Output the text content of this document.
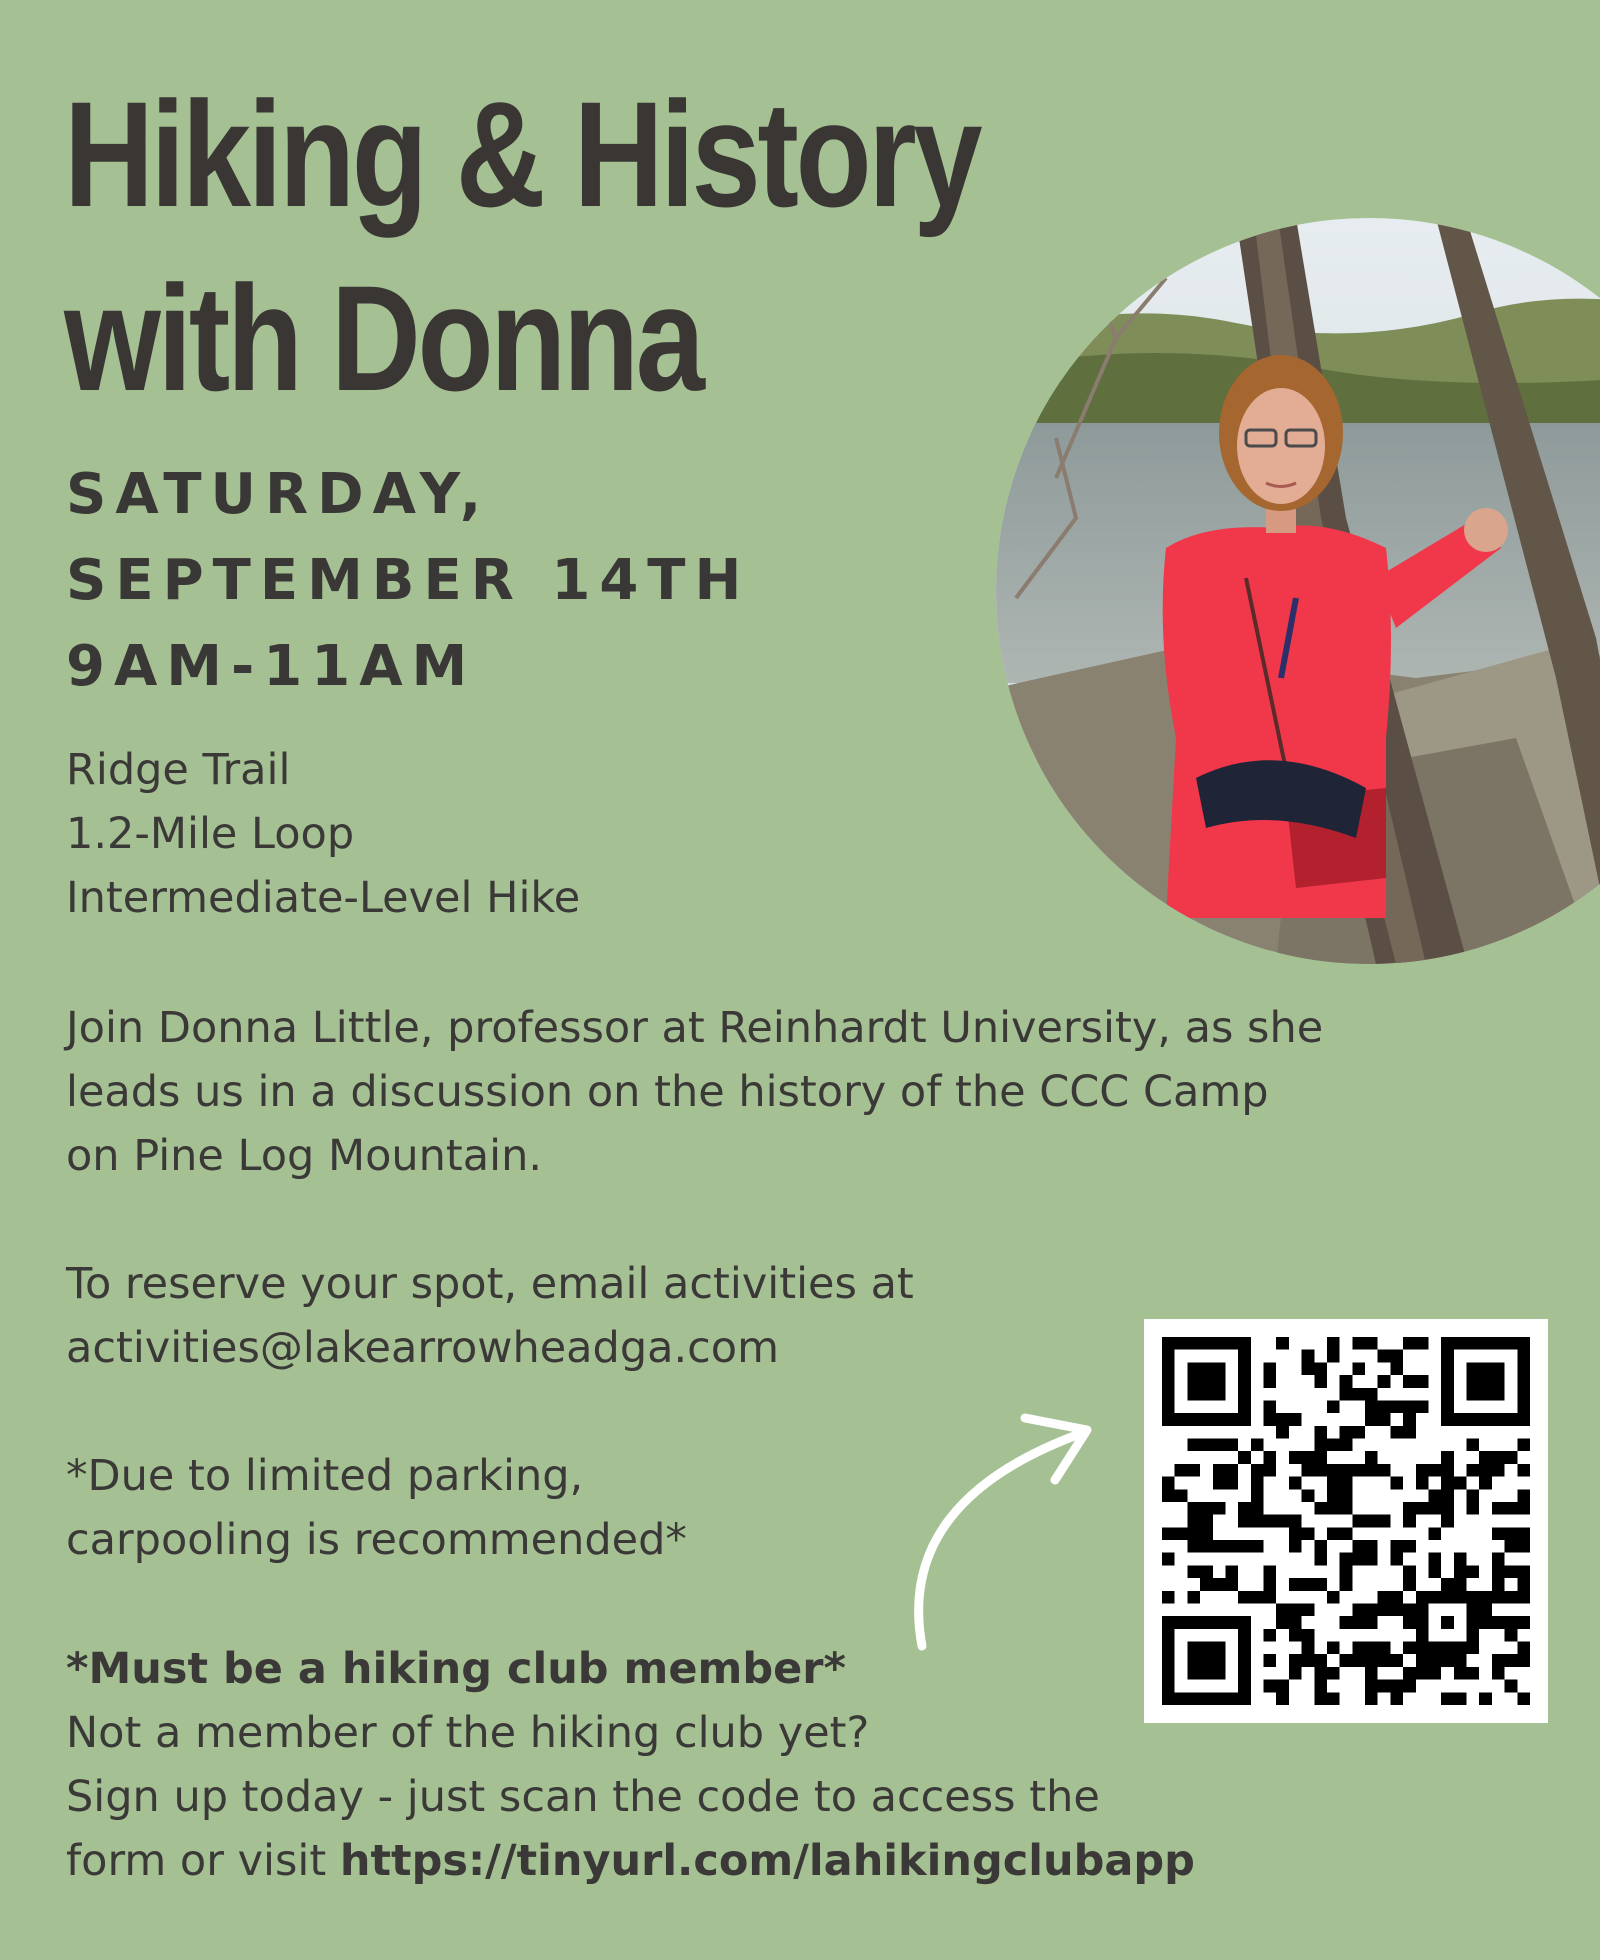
Hiking & History
with Donna
SATURDAY,
SEPTEMBER 14TH
9AM-11AM
Ridge Trail
1.2-Mile Loop
Intermediate-Level Hike
Join Donna Little, professor at Reinhardt University, as she
leads us in a discussion on the history of the CCC Camp
on Pine Log Mountain.
To reserve your spot, email activities at
activities@lakearrowheadga.com
*Due to limited parking,
carpooling is recommended*
*Must be a hiking club member*
Not a member of the hiking club yet?
Sign up today - just scan the code to access the
form or visit https://tinyurl.com/lahikingclubapp
